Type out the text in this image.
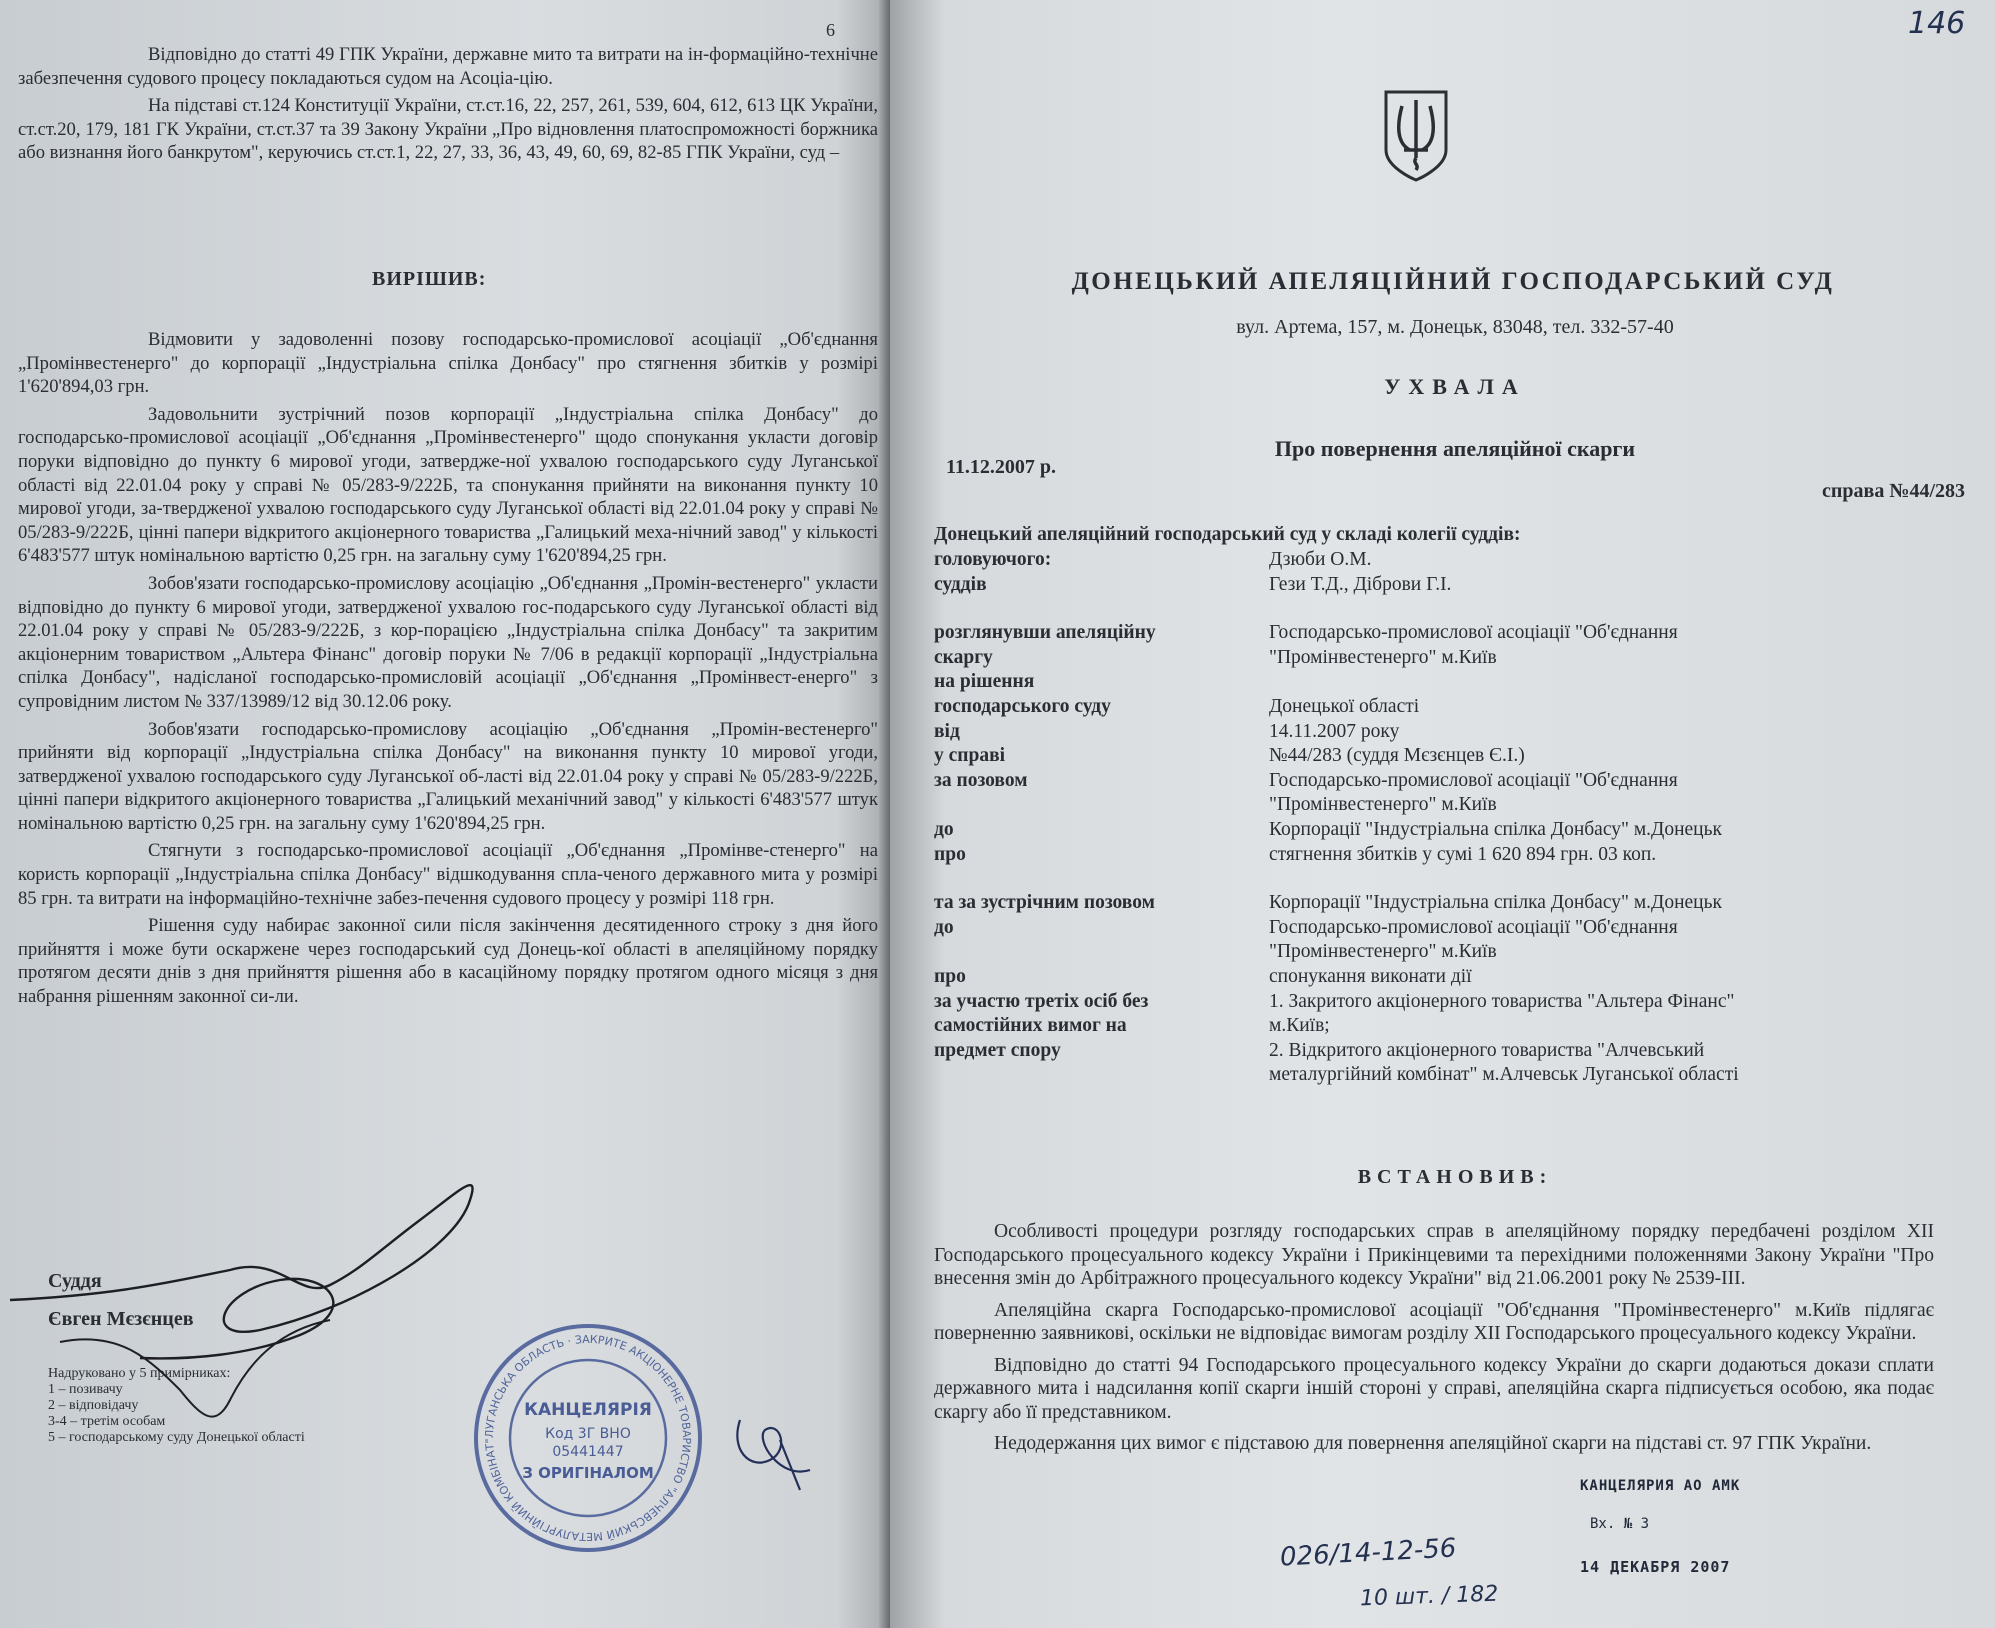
6

Відповідно до статті 49 ГПК України, державне мито та витрати на ін-формаційно-технічне забезпечення судового процесу покладаються судом на Асоціа-цію.

На підставі ст.124 Конституції України, ст.ст.16, 22, 257, 261, 539, 604, 612, 613 ЦК України, ст.ст.20, 179, 181 ГК України, ст.ст.37 та 39 Закону України „Про відновлення платоспроможності боржника або визнання його банкрутом", керуючись ст.ст.1, 22, 27, 33, 36, 43, 49, 60, 69, 82-85 ГПК України, суд –

ВИРІШИВ:

Відмовити у задоволенні позову господарсько-промислової асоціації „Об'єднання „Промінвестенерго" до корпорації „Індустріальна спілка Донбасу" про стягнення збитків у розмірі 1'620'894,03 грн.

Задовольнити зустрічний позов корпорації „Індустріальна спілка Донбасу" до господарсько-промислової асоціації „Об'єднання „Промінвестенерго" щодо спонукання укласти договір поруки відповідно до пункту 6 мирової угоди, затвердже-ної ухвалою господарського суду Луганської області від 22.01.04 року у справі № 05/283-9/222Б, та спонукання прийняти на виконання пункту 10 мирової угоди, за-твердженої ухвалою господарського суду Луганської області від 22.01.04 року у справі № 05/283-9/222Б, цінні папери відкритого акціонерного товариства „Галицький меха-нічний завод" у кількості 6'483'577 штук номінальною вартістю 0,25 грн. на загальну суму 1'620'894,25 грн.

Зобов'язати господарсько-промислову асоціацію „Об'єднання „Промін-вестенерго" укласти відповідно до пункту 6 мирової угоди, затвердженої ухвалою гос-подарського суду Луганської області від 22.01.04 року у справі № 05/283-9/222Б, з кор-порацією „Індустріальна спілка Донбасу" та закритим акціонерним товариством „Альтера Фінанс" договір поруки № 7/06 в редакції корпорації „Індустріальна спілка Донбасу", надісланої господарсько-промисловій асоціації „Об'єднання „Промінвест-енерго" з супровідним листом № 337/13989/12 від 30.12.06 року.

Зобов'язати господарсько-промислову асоціацію „Об'єднання „Промін-вестенерго" прийняти від корпорації „Індустріальна спілка Донбасу" на виконання пункту 10 мирової угоди, затвердженої ухвалою господарського суду Луганської об-ласті від 22.01.04 року у справі № 05/283-9/222Б, цінні папери відкритого акціонерного товариства „Галицький механічний завод" у кількості 6'483'577 штук номінальною вартістю 0,25 грн. на загальну суму 1'620'894,25 грн.

Стягнути з господарсько-промислової асоціації „Об'єднання „Промінве-стенерго" на користь корпорації „Індустріальна спілка Донбасу" відшкодування спла-ченого державного мита у розмірі 85 грн. та витрати на інформаційно-технічне забез-печення судового процесу у розмірі 118 грн.

Рішення суду набирає законної сили після закінчення десятиденного строку з дня його прийняття і може бути оскаржене через господарський суд Донець-кої області в апеляційному порядку протягом десяти днів з дня прийняття рішення або в касаційному порядку протягом одного місяця з дня набрання рішенням законної си-ли.

Суддя
Євген Мєзєнцев
Надруковано у 5 примірниках:
1 – позивачу
2 – відповідачу
3-4 – третім особам
5 – господарському суду Донецької області	ЛУГАНСЬКА ОБЛАСТЬ · ЗАКРИТЕ АКЦІОНЕРНЕ ТОВАРИСТВО "АЛЧЕВСЬКИЙ МЕТАЛУРГІЙНИЙ КОМБІНАТ"
КАНЦЕЛЯРІЯ
Код 3Г ВНО
05441447
З ОРИГІНАЛОМ
146
ДОНЕЦЬКИЙ АПЕЛЯЦІЙНИЙ ГОСПОДАРСЬКИЙ СУД
вул. Артема, 157, м. Донецьк, 83048, тел. 332-57-40
УХВАЛА
Про повернення апеляційної скарги
11.12.2007 р.
справа №44/283
Донецький апеляційний господарський суд у складі колегії суддів:
головуючого:	Дзюби О.М.
суддів	Гези Т.Д., Діброви Г.І.
розглянувши апеляційну	Господарсько-промислової асоціації "Об'єднання
скаргу	"Промінвестенерго" м.Київ
на рішення
господарського суду	Донецької області
від	14.11.2007 року
у справі	№44/283 (суддя Мєзєнцев Є.І.)
за позовом	Господарсько-промислової асоціації "Об'єднання
"Промінвестенерго" м.Київ
до	Корпорації "Індустріальна спілка Донбасу" м.Донецьк
про	стягнення збитків у сумі 1 620 894 грн. 03 коп.
та за зустрічним позовом	Корпорації "Індустріальна спілка Донбасу" м.Донецьк
до	Господарсько-промислової асоціації "Об'єднання
"Промінвестенерго" м.Київ
про	спонукання виконати дії
за участю третіх осіб без	1. Закритого акціонерного товариства "Альтера Фінанс"
самостійних вимог на	м.Київ;
предмет спору	2. Відкритого акціонерного товариства "Алчевський
металургійний комбінат" м.Алчевськ Луганської області
ВСТАНОВИВ:

Особливості процедури розгляду господарських справ в апеляційному порядку передбачені розділом XII Господарського процесуального кодексу України і Прикінцевими та перехідними положеннями Закону України "Про внесення змін до Арбітражного процесуального кодексу України" від 21.06.2001 року № 2539-ІІІ.

Апеляційна скарга Господарсько-промислової асоціації "Об'єднання "Промінвестенерго" м.Київ підлягає поверненню заявникові, оскільки не відповідає вимогам розділу XII Господарського процесуального кодексу України.

Відповідно до статті 94 Господарського процесуального кодексу України до скарги додаються докази сплати державного мита і надсилання копії скарги іншій стороні у справі, апеляційна скарга підписується особою, яка подає скаргу або її представником.

Недодержання цих вимог є підставою для повернення апеляційної скарги на підставі ст. 97 ГПК України.

КАНЦЕЛЯРИЯ АО АМК
Вх. № 3
14 ДЕКАБРЯ 2007
026/14-12-56
10 шт. / 182
